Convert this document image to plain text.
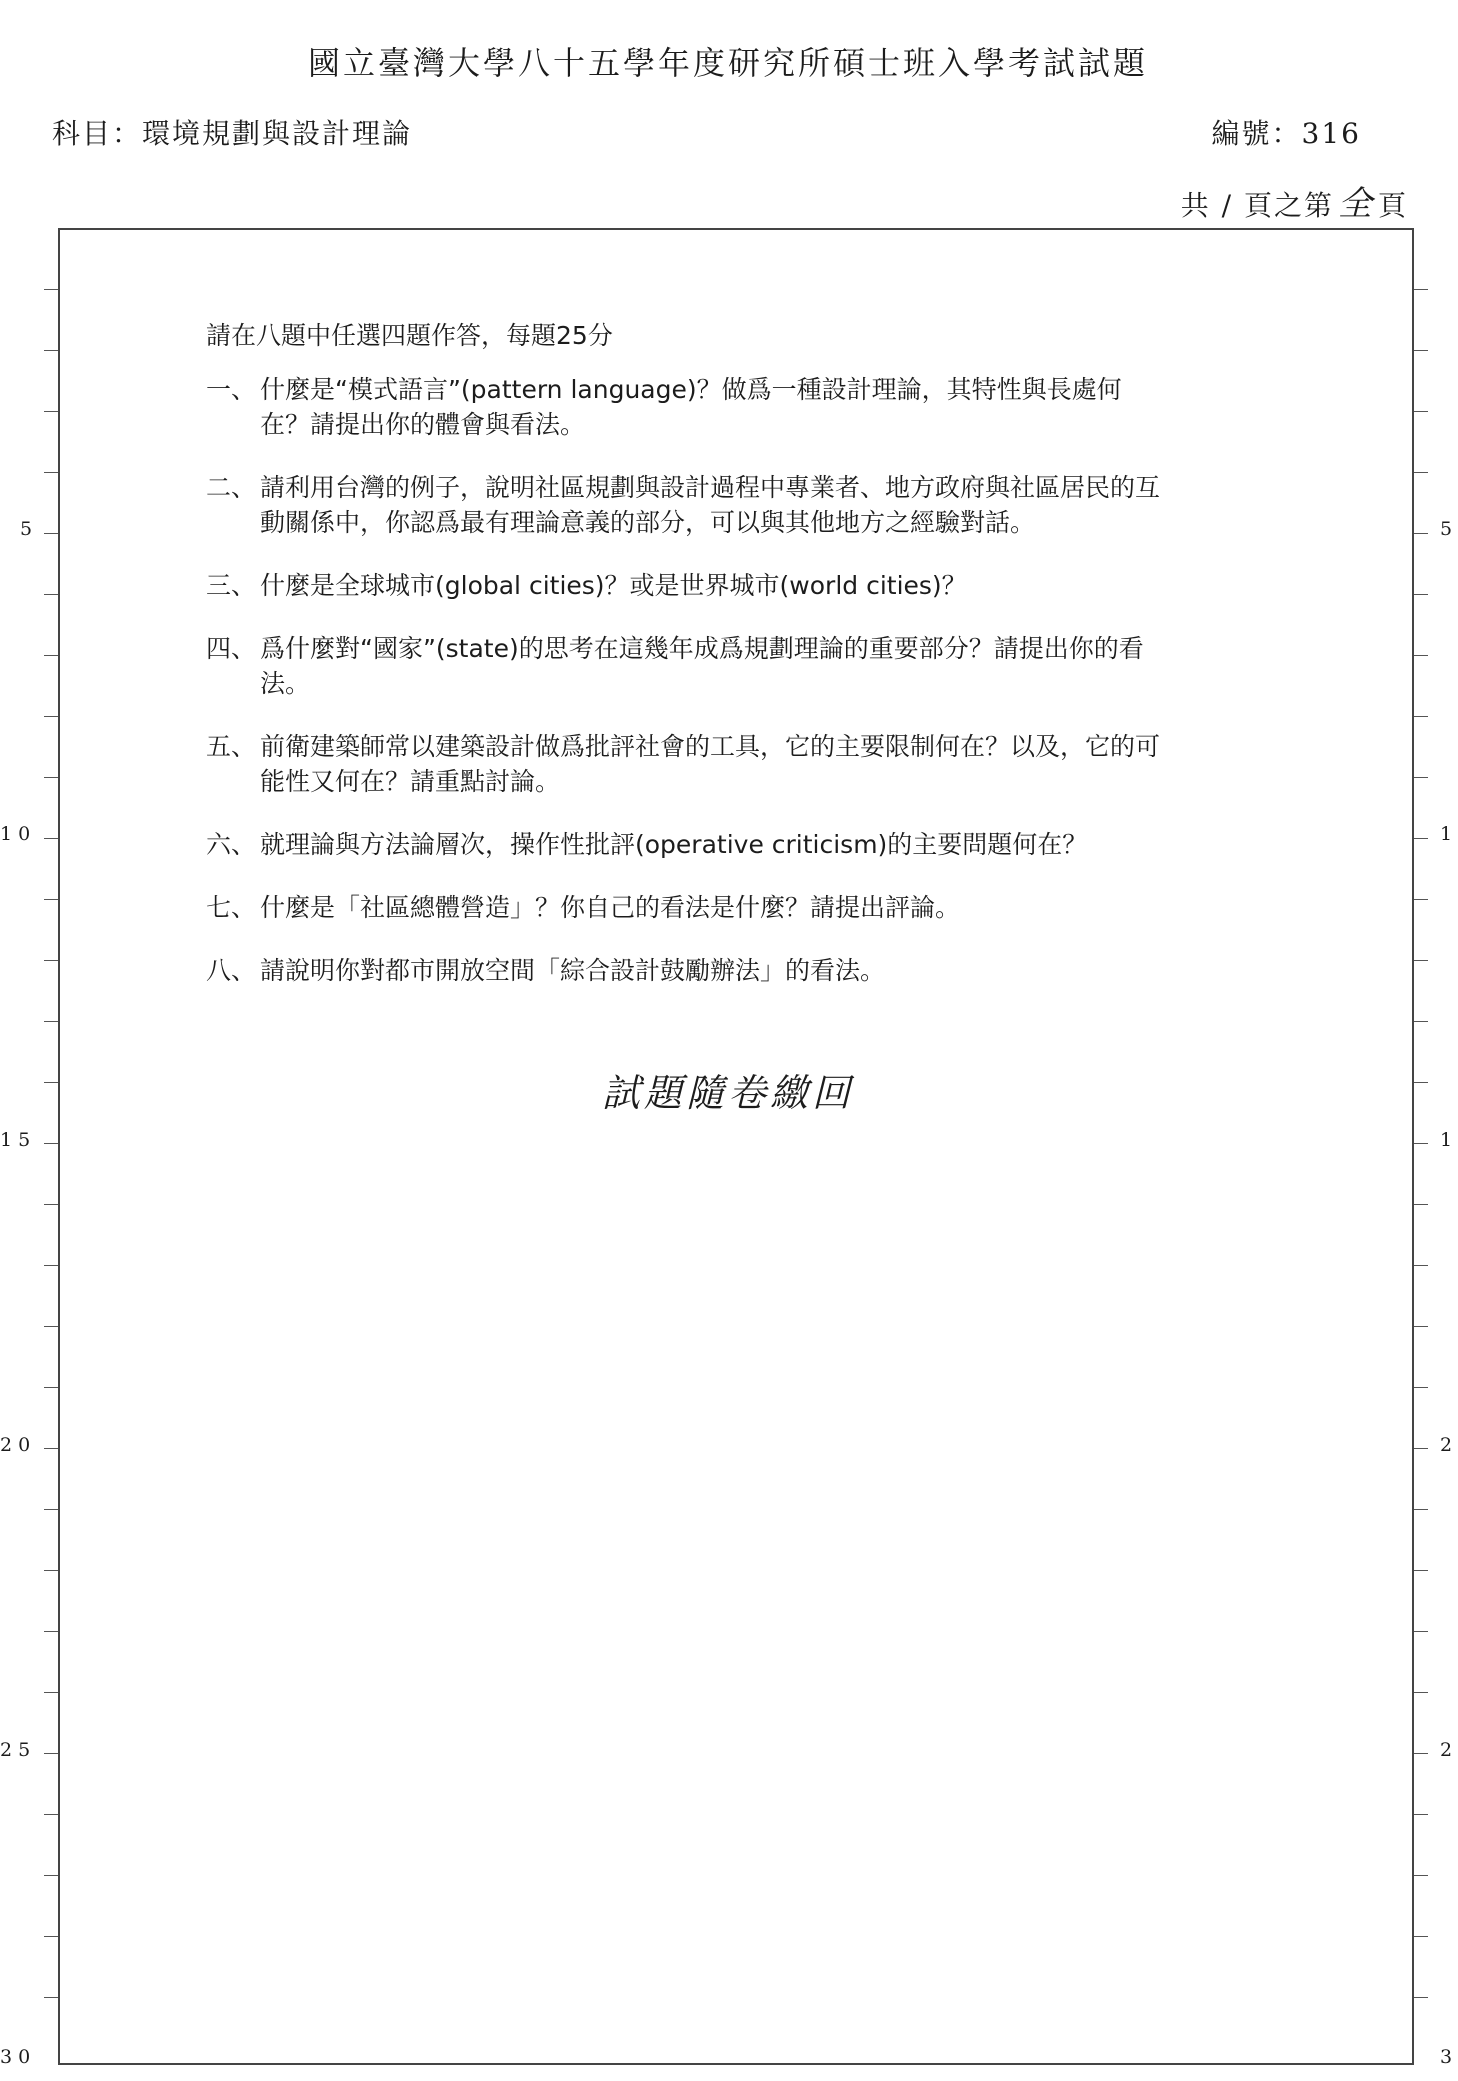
國立臺灣大學八十五學年度研究所碩士班入學考試試題
科目：環境規劃與設計理論	編號：316
共 / 頁之第 全 頁
5
10
15
20
25
30
5
1
1
2
2
3
請在八題中任選四題作答，每題25分
一、 什麼是“模式語言”(pattern language)？做爲一種設計理論，其特性與長處何在？請提出你的體會與看法。
二、 請利用台灣的例子，說明社區規劃與設計過程中專業者、地方政府與社區居民的互動關係中，你認爲最有理論意義的部分，可以與其他地方之經驗對話。
三、 什麼是全球城市(global cities)？或是世界城市(world cities)？
四、 爲什麼對“國家”(state)的思考在這幾年成爲規劃理論的重要部分？請提出你的看法。
五、 前衛建築師常以建築設計做爲批評社會的工具，它的主要限制何在？以及，它的可能性又何在？請重點討論。
六、 就理論與方法論層次，操作性批評(operative criticism)的主要問題何在？
七、 什麼是「社區總體營造」？你自己的看法是什麼？請提出評論。
八、 請說明你對都市開放空間「綜合設計鼓勵辦法」的看法。
試題隨卷繳回
